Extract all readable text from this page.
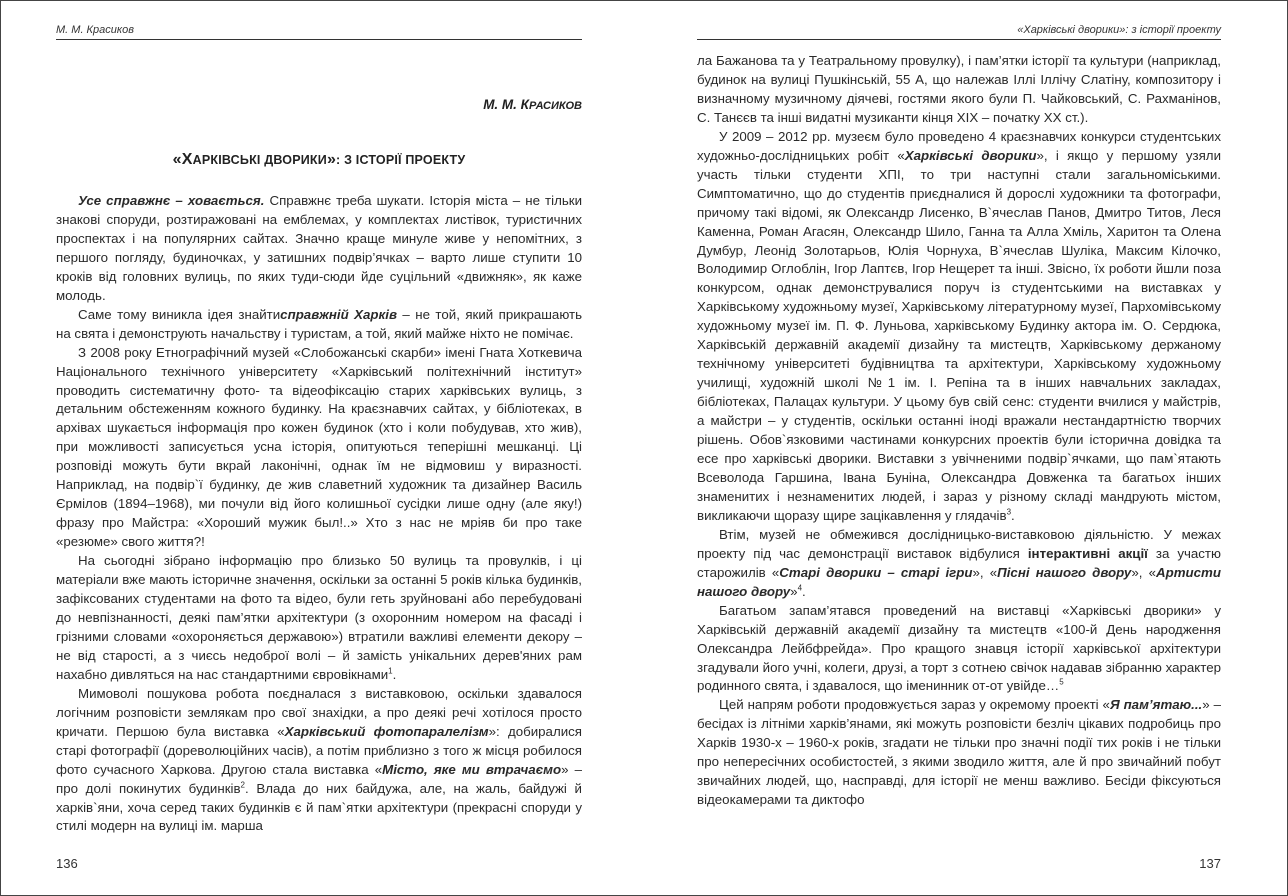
М. М. Красиков
М. М. КРАСИКОВ
«ХАРКІВСЬКІ ДВОРИКИ»: З ІСТОРІЇ ПРОЕКТУ

Усе справжнє – ховається. Справжнє треба шукати. Історія міста – не тільки знакові споруди, розтиражовані на емблемах, у комплектах листівок, туристичних проспектах і на популярних сайтах. Значно краще минуле живе у непомітних, з першого погляду, будиночках, у затишних подвір’ячках – варто лише ступити 10 кроків від головних вулиць, по яких туди-сюди йде суцільний «движняк», як каже молодь.

Саме тому виникла ідея знайтисправжній Харків – не той, який прикрашають на свята і демонструють начальству і туристам, а той, який майже ніхто не помічає.

З 2008 року Етнографічний музей «Слобожанські скарби» імені Гната Хоткевича Національного технічного університету «Харківський політехнічний інститут» проводить систематичну фото- та відеофіксацію старих харківських вулиць, з детальним обстеженням кожного будинку. На краєзнавчих сайтах, у бібліотеках, в архівах шукається інформація про кожен будинок (хто і коли побудував, хто жив), при можливості записується усна історія, опитуються теперішні мешканці. Ці розповіді можуть бути вкрай лаконічні, однак їм не відмовиш у виразності. Наприклад, на подвір`ї будинку, де жив славетний художник та дизайнер Василь Єрмілов (1894–1968), ми почули від його колишньої сусідки лише одну (але яку!) фразу про Майстра: «Хороший мужик был!..» Хто з нас не мріяв би про таке «резюме» свого життя?!

На сьогодні зібрано інформацію про близько 50 вулиць та провулків, і ці матеріали вже мають історичне значення, оскільки за останні 5 років кілька будинків, зафіксованих студентами на фото та відео, були геть зруйновані або перебудовані до невпізнанності, деякі пам’ятки архітектури (з охоронним номером на фасаді і грізними словами «охороняється державою») втратили важливі елементи декору – не від старості, а з чиєсь недоброї волі – й замість унікальних дерев'яних рам нахабно дивляться на нас стандартними євровікнами$^1$.

Мимоволі пошукова робота поєдналася з виставковою, оскільки здавалося логічним розповісти землякам про свої знахідки, а про деякі речі хотілося просто кричати. Першою була виставка «Харківський фотопаралелізм»: добиралися старі фотографії (дореволюційних часів), а потім приблизно з того ж місця робилося фото сучасного Харкова. Другою стала виставка «Місто, яке ми втрачаємо» – про долі покинутих будинків$^2$. Влада до них байдужа, але, на жаль, байдужі й харків`яни, хоча серед таких будинків є й пам`ятки архітектури (прекрасні споруди у стилі модерн на вулиці ім. марша

136
«Харківські дворики»: з історії проекту

ла Бажанова та у Театральному провулку), і пам’ятки історії та культури (наприклад, будинок на вулиці Пушкінській, 55 А, що належав Іллі Іллічу Слатіну, композитору і визначному музичному діячеві, гостями якого були П. Чайковський, С. Рахманінов, С. Танєєв та інші видатні музиканти кінця XIX – початку XX ст.).

У 2009 – 2012 рр. музеєм було проведено 4 краєзнавчих конкурси студентських художньо-дослідницьких робіт «Харківські дворики», і якщо у першому узяли участь тільки студенти ХПІ, то три наступні стали загальноміськими. Симптоматично, що до студентів приєдналися й дорослі художники та фотографи, причому такі відомі, як Олександр Лисенко, В`ячеслав Панов, Дмитро Титов, Леся Каменна, Роман Агасян, Олександр Шило, Ганна та Алла Хміль, Харитон та Олена Думбур, Леонід Золотарьов, Юлія Чорнуха, В`ячеслав Шуліка, Максим Кілочко, Володимир Оглоблін, Ігор Лаптєв, Ігор Нещерет та інші. Звісно, їх роботи йшли поза конкурсом, однак демонструвалися поруч із студентськими на виставках у Харківському художньому музеї, Харківському літературному музеї, Пархомівському художньому музеї ім. П. Ф. Луньова, харківському Будинку актора ім. О. Сердюка, Харківській державній академії дизайну та мистецтв, Харківському держаному технічному університеті будівництва та архітектури, Харківському художньому училищі, художній школі №1 ім. І. Репіна та в інших навчальних закладах, бібліотеках, Палацах культури. У цьому був свій сенс: студенти вчилися у майстрів, а майстри – у студентів, оскільки останні іноді вражали нестандартністю творчих рішень. Обов`язковими частинами конкурсних проектів були історична довідка та есе про харківські дворики. Виставки з увічненими подвір`ячками, що пам`ятають Всеволода Гаршина, Івана Буніна, Олександра Довженка та багатьох інших знаменитих і незнаменитих людей, і зараз у різному складі мандрують містом, викликаючи щоразу щире зацікавлення у глядачів$^3$.

Втім, музей не обмежився дослідницько-виставковою діяльністю. У межах проекту під час демонстрації виставок відбулися інтерактивні акції за участю старожилів «Старі дворики – старі ігри», «Пісні нашого двору», «Артисти нашого двору»$^4$.

Багатьом запам’ятався проведений на виставці «Харківські дворики» у Харківській державній академії дизайну та мистецтв «100-й День народження Олександра Лейбфрейда». Про кращого знавця історії харківської архітектури згадували його учні, колеги, друзі, а торт з сотнею свічок надавав зібранню характер родинного свята, і здавалося, що іменинник от-от увійде…$^5$

Цей напрям роботи продовжується зараз у окремому проекті «Я пам’ятаю...» – бесідах із літніми харків’янами, які можуть розповісти безліч цікавих подробиць про Харків 1930-х – 1960-х років, згадати не тільки про значні події тих років і не тільки про непересічних особистостей, з якими зводило життя, але й про звичайний побут звичайних людей, що, насправді, для історії не менш важливо. Бесіди фіксуються відеокамерами та диктофо

137
